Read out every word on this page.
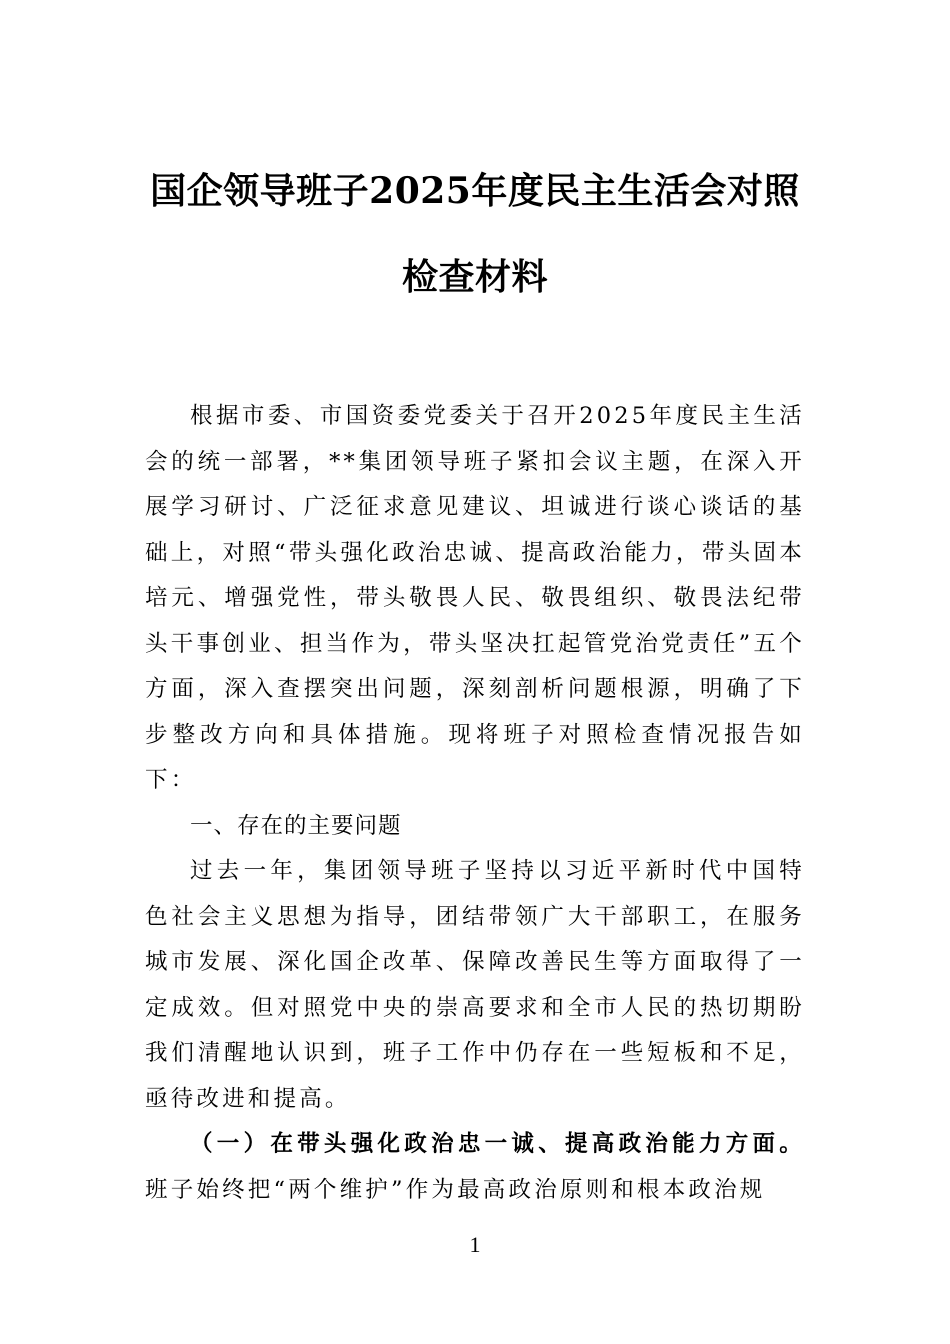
国企领导班子2025年度民主生活会对照检查材料

根据市委、市国资委党委关于召开2025年度民主生活会的统一部署，**集团领导班子紧扣会议主题，在深入开展学习研讨、广泛征求意见建议、坦诚进行谈心谈话的基础上，对照“带头强化政治忠诚、提高政治能力，带头固本培元、增强党性，带头敬畏人民、敬畏组织、敬畏法纪带头干事创业、担当作为，带头坚决扛起管党治党责任”五个方面，深入查摆突出问题，深刻剖析问题根源，明确了下步整改方向和具体措施。现将班子对照检查情况报告如下：

一、存在的主要问题

过去一年，集团领导班子坚持以习近平新时代中国特色社会主义思想为指导，团结带领广大干部职工，在服务城市发展、深化国企改革、保障改善民生等方面取得了一定成效。但对照党中央的崇高要求和全市人民的热切期盼我们清醒地认识到，班子工作中仍存在一些短板和不足，亟待改进和提高。

（一）在带头强化政治忠一诚、提高政治能力方面。班子始终把“两个维护”作为最高政治原则和根本政治规

1
